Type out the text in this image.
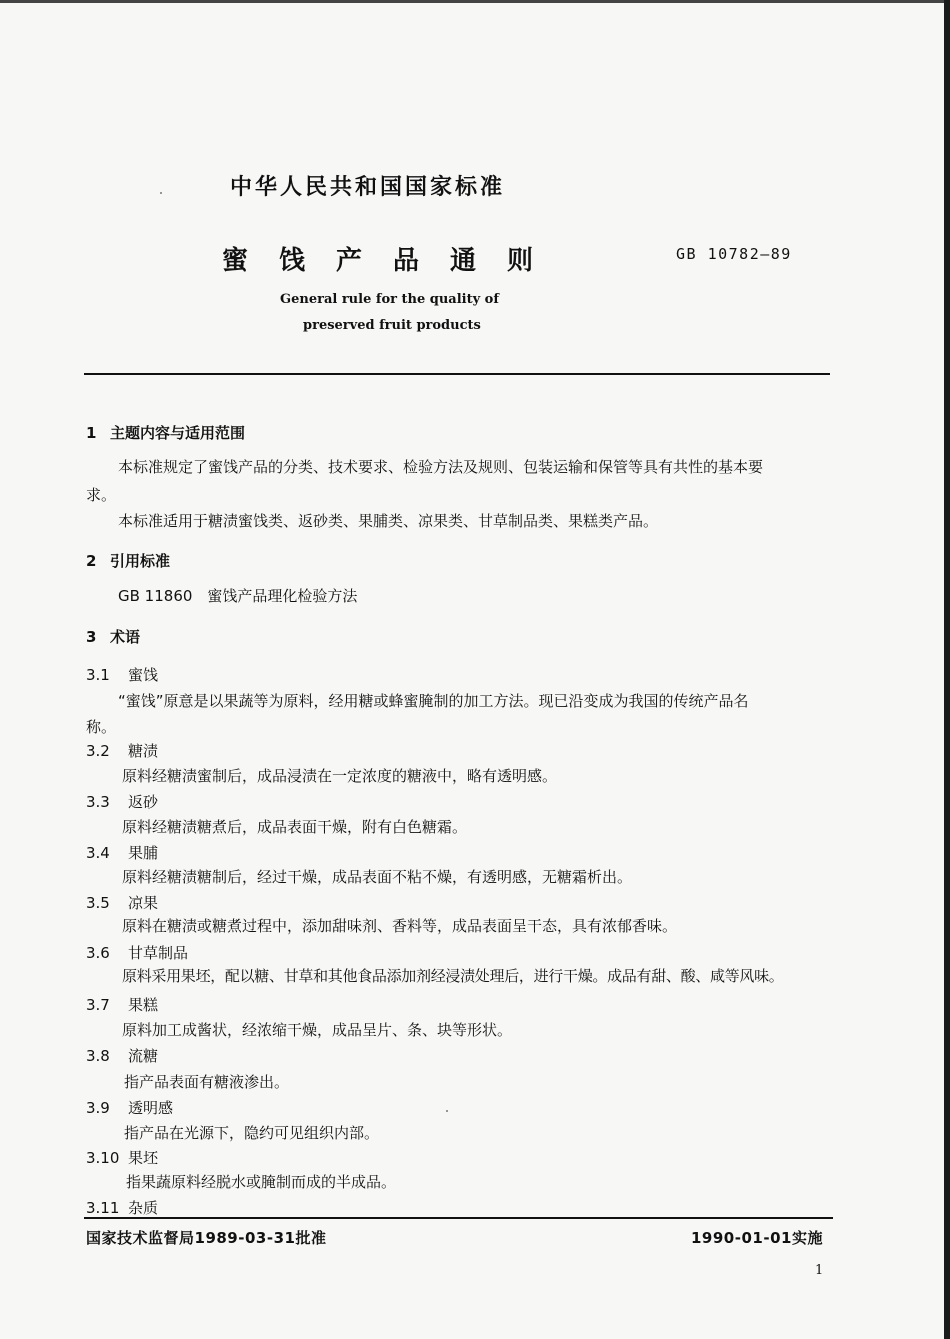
中华人民共和国国家标准
蜜饯产品通则	GB 10782—89
General rule for the quality of
preserved fruit products
1 主题内容与适用范围
本标准规定了蜜饯产品的分类、技术要求、检验方法及规则、包装运输和保管等具有共性的基本要
求。
本标准适用于糖渍蜜饯类、返砂类、果脯类、凉果类、甘草制品类、果糕类产品。
2 引用标准
GB 11860　蜜饯产品理化检验方法
3 术语
3.1 蜜饯
“蜜饯”原意是以果蔬等为原料，经用糖或蜂蜜腌制的加工方法。现已沿变成为我国的传统产品名
称。
3.2 糖渍
原料经糖渍蜜制后，成品浸渍在一定浓度的糖液中，略有透明感。
3.3 返砂
原料经糖渍糖煮后，成品表面干燥，附有白色糖霜。
3.4 果脯
原料经糖渍糖制后，经过干燥，成品表面不粘不燥，有透明感，无糖霜析出。
3.5 凉果
原料在糖渍或糖煮过程中，添加甜味剂、香料等，成品表面呈干态，具有浓郁香味。
3.6 甘草制品
原料采用果坯，配以糖、甘草和其他食品添加剂经浸渍处理后，进行干燥。成品有甜、酸、咸等风味。
3.7 果糕
原料加工成酱状，经浓缩干燥，成品呈片、条、块等形状。
3.8 流糖
指产品表面有糖液渗出。
3.9 透明感
指产品在光源下，隐约可见组织内部。
3.10 果坯
指果蔬原料经脱水或腌制而成的半成品。
3.11 杂质
国家技术监督局1989-03-31批准	1990-01-01实施
1
